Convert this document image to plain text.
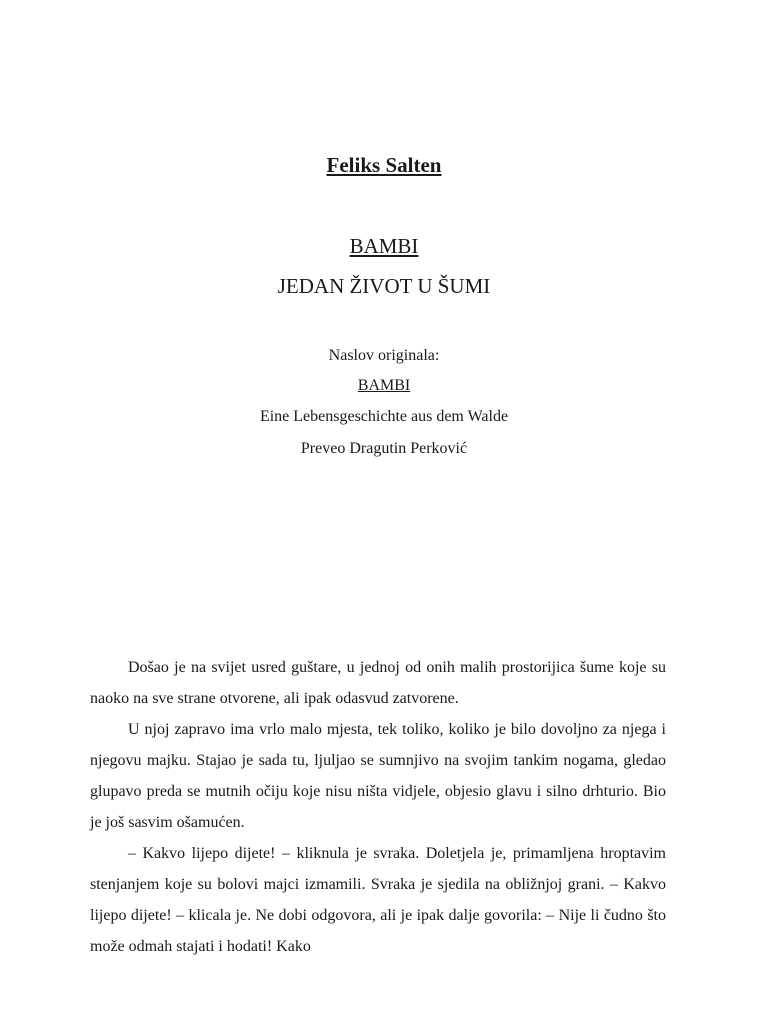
Feliks Salten
BAMBI
JEDAN ŽIVOT U ŠUMI
Naslov originala:
BAMBI
Eine Lebensgeschichte aus dem Walde
Preveo Dragutin Perković

Došao je na svijet usred guštare, u jednoj od onih malih prostorijica šume koje su naoko na sve strane otvorene, ali ipak odasvud zatvorene.

U njoj zapravo ima vrlo malo mjesta, tek toliko, koliko je bilo dovoljno za njega i njegovu majku. Stajao je sada tu, ljuljao se sumnjivo na svojim tankim nogama, gledao glupavo preda se mutnih očiju koje nisu ništa vidjele, objesio glavu i silno drhturio. Bio je još sasvim ošamućen.

– Kakvo lijepo dijete! – kliknula je svraka. Doletjela je, primamljena hroptavim stenjanjem koje su bolovi majci izmamili. Svraka je sjedila na obližnjoj grani. – Kakvo lijepo dijete! – klicala je. Ne dobi odgovora, ali je ipak dalje govorila: – Nije li čudno što može odmah stajati i hodati! Kako
